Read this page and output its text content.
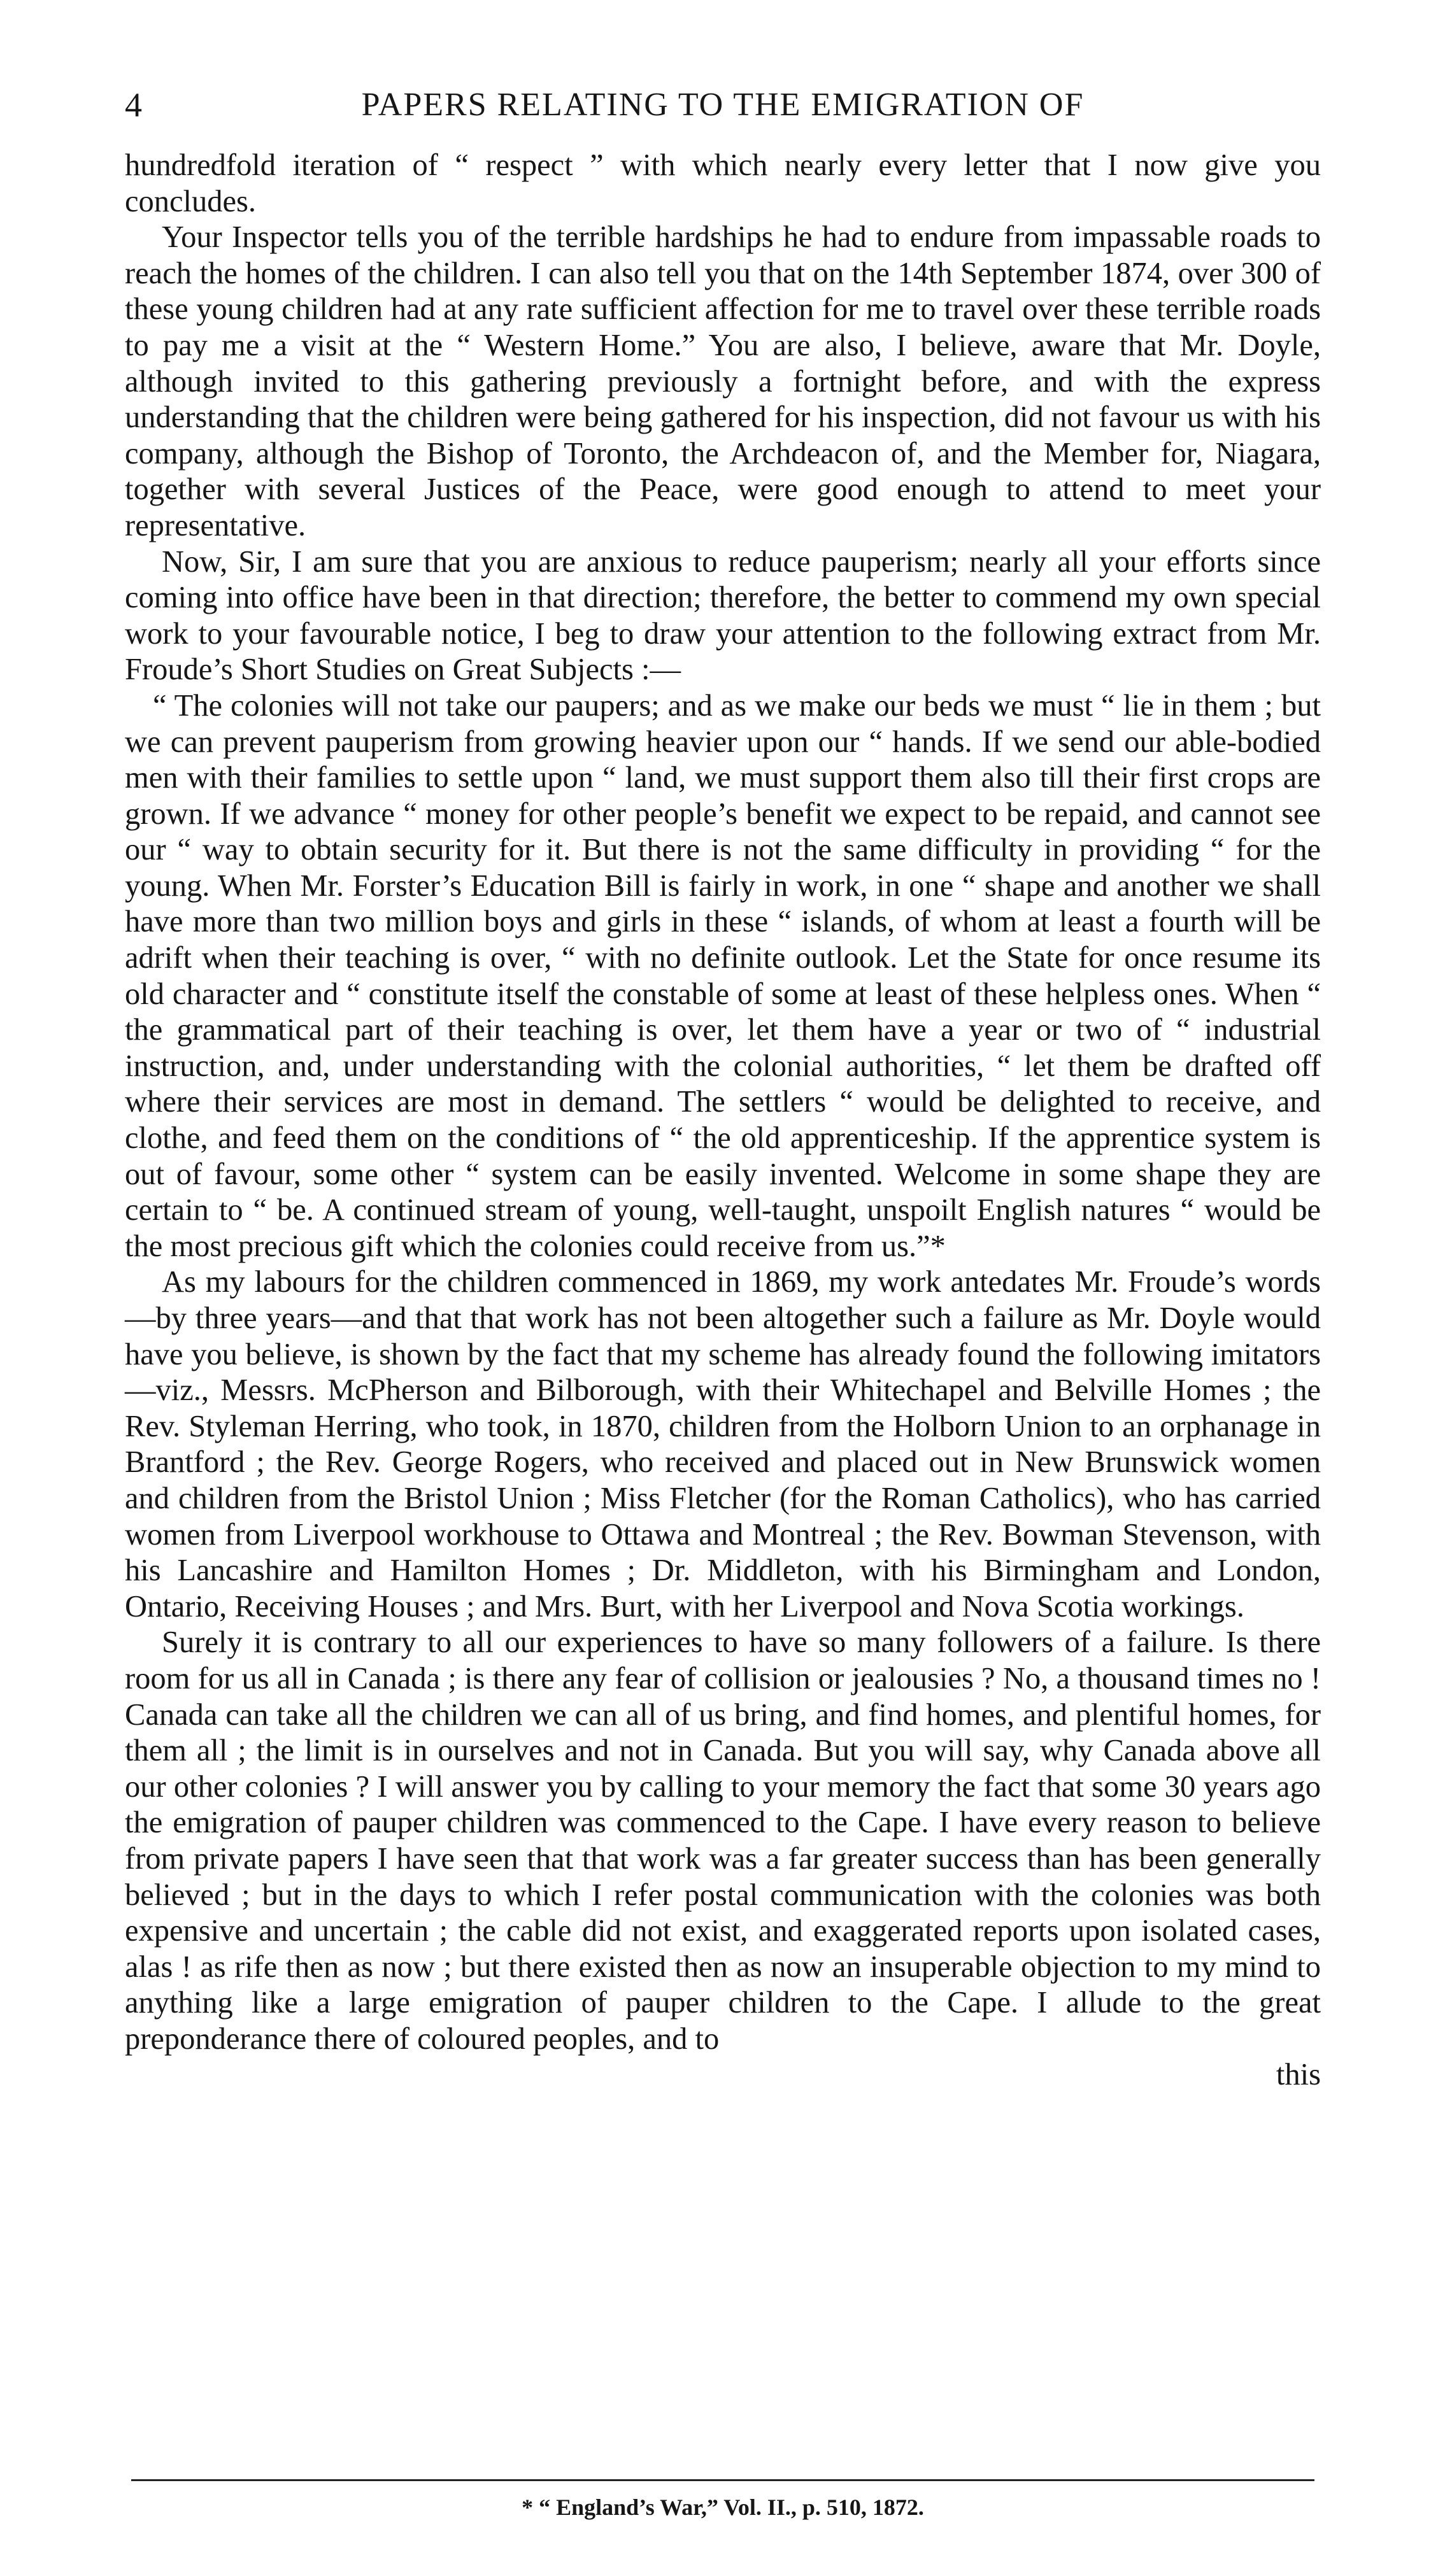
4	PAPERS RELATING TO THE EMIGRATION OF

hundredfold iteration of “ respect ” with which nearly every letter that I now give you concludes.

Your Inspector tells you of the terrible hardships he had to endure from impassable roads to reach the homes of the children. I can also tell you that on the 14th September 1874, over 300 of these young children had at any rate sufficient affection for me to travel over these terrible roads to pay me a visit at the “ Western Home.” You are also, I believe, aware that Mr. Doyle, although invited to this gathering previously a fortnight before, and with the express understanding that the children were being gathered for his inspection, did not favour us with his company, although the Bishop of Toronto, the Archdeacon of, and the Member for, Niagara, together with several Justices of the Peace, were good enough to attend to meet your representative.

Now, Sir, I am sure that you are anxious to reduce pauperism; nearly all your efforts since coming into office have been in that direction; therefore, the better to commend my own special work to your favourable notice, I beg to draw your attention to the following extract from Mr. Froude’s Short Studies on Great Subjects :—

“ The colonies will not take our paupers; and as we make our beds we must “ lie in them ; but we can prevent pauperism from growing heavier upon our “ hands. If we send our able-bodied men with their families to settle upon “ land, we must support them also till their first crops are grown. If we advance “ money for other people’s benefit we expect to be repaid, and cannot see our “ way to obtain security for it. But there is not the same difficulty in providing “ for the young. When Mr. Forster’s Education Bill is fairly in work, in one “ shape and another we shall have more than two million boys and girls in these “ islands, of whom at least a fourth will be adrift when their teaching is over, “ with no definite outlook. Let the State for once resume its old character and “ constitute itself the constable of some at least of these helpless ones. When “ the grammatical part of their teaching is over, let them have a year or two of “ industrial instruction, and, under understanding with the colonial authorities, “ let them be drafted off where their services are most in demand. The settlers “ would be delighted to receive, and clothe, and feed them on the conditions of “ the old apprenticeship. If the apprentice system is out of favour, some other “ system can be easily invented. Welcome in some shape they are certain to “ be. A continued stream of young, well-taught, unspoilt English natures “ would be the most precious gift which the colonies could receive from us.”*

As my labours for the children commenced in 1869, my work antedates Mr. Froude’s words—by three years—and that that work has not been altogether such a failure as Mr. Doyle would have you believe, is shown by the fact that my scheme has already found the following imitators—viz., Messrs. McPherson and Bilborough, with their Whitechapel and Belville Homes ; the Rev. Styleman Herring, who took, in 1870, children from the Holborn Union to an orphanage in Brantford ; the Rev. George Rogers, who received and placed out in New Brunswick women and children from the Bristol Union ; Miss Fletcher (for the Roman Catholics), who has carried women from Liverpool workhouse to Ottawa and Montreal ; the Rev. Bowman Stevenson, with his Lancashire and Hamilton Homes ; Dr. Middleton, with his Birmingham and London, Ontario, Receiving Houses ; and Mrs. Burt, with her Liverpool and Nova Scotia workings.

Surely it is contrary to all our experiences to have so many followers of a failure. Is there room for us all in Canada ; is there any fear of collision or jealousies ? No, a thousand times no ! Canada can take all the children we can all of us bring, and find homes, and plentiful homes, for them all ; the limit is in ourselves and not in Canada. But you will say, why Canada above all our other colonies ? I will answer you by calling to your memory the fact that some 30 years ago the emigration of pauper children was commenced to the Cape. I have every reason to believe from private papers I have seen that that work was a far greater success than has been generally believed ; but in the days to which I refer postal communication with the colonies was both expensive and uncertain ; the cable did not exist, and exaggerated reports upon isolated cases, alas ! as rife then as now ; but there existed then as now an insuperable objection to my mind to anything like a large emigration of pauper children to the Cape. I allude to the great preponderance there of coloured peoples, and to

this

* “ England’s War,” Vol. II., p. 510, 1872.
